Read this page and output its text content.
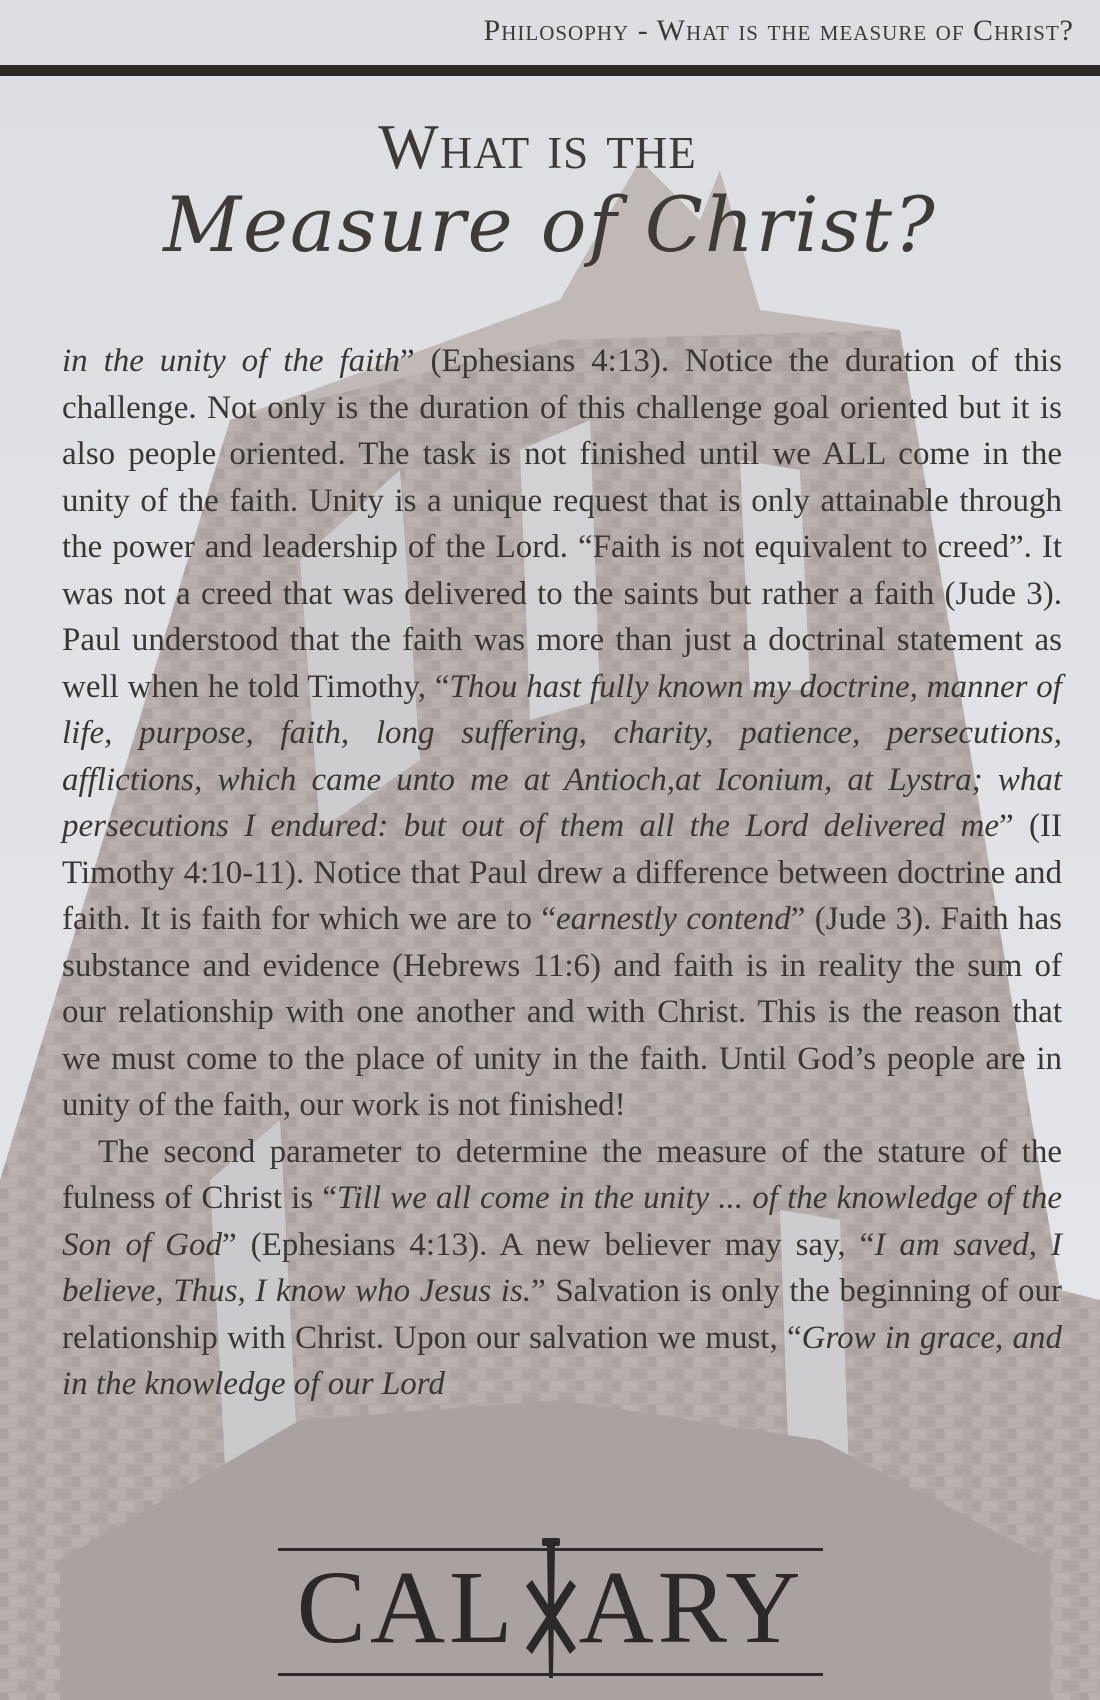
Philosophy - What is the measure of Christ?
What is the
Measure of Christ?

in the unity of the faith” (Ephesians 4:13). Notice the duration of this challenge. Not only is the duration of this challenge goal oriented but it is also people oriented. The task is not finished until we ALL come in the unity of the faith. Unity is a unique request that is only attainable through the power and leadership of the Lord. “Faith is not equivalent to creed”. It was not a creed that was delivered to the saints but rather a faith (Jude 3). Paul understood that the faith was more than just a doctrinal statement as well when he told Timothy, “Thou hast fully known my doctrine, manner of life, purpose, faith, long suffering, charity, patience, persecutions, afflictions, which came unto me at Antioch,at Iconium, at Lystra; what persecutions I endured: but out of them all the Lord delivered me” (II Timothy 4:10-11). Notice that Paul drew a difference between doctrine and faith. It is faith for which we are to “earnestly contend” (Jude 3). Faith has substance and evidence (Hebrews 11:6) and faith is in reality the sum of our relationship with one another and with Christ. This is the reason that we must come to the place of unity in the faith. Until God’s people are in unity of the faith, our work is not finished!

The second parameter to determine the measure of the stature of the fulness of Christ is “Till we all come in the unity ... of the knowledge of the Son of God” (Ephesians 4:13). A new believer may say, “I am saved, I believe, Thus, I know who Jesus is.” Salvation is only the beginning of our relationship with Christ. Upon our salvation we must, “Grow in grace, and in the knowledge of our Lord

CAL ARY
